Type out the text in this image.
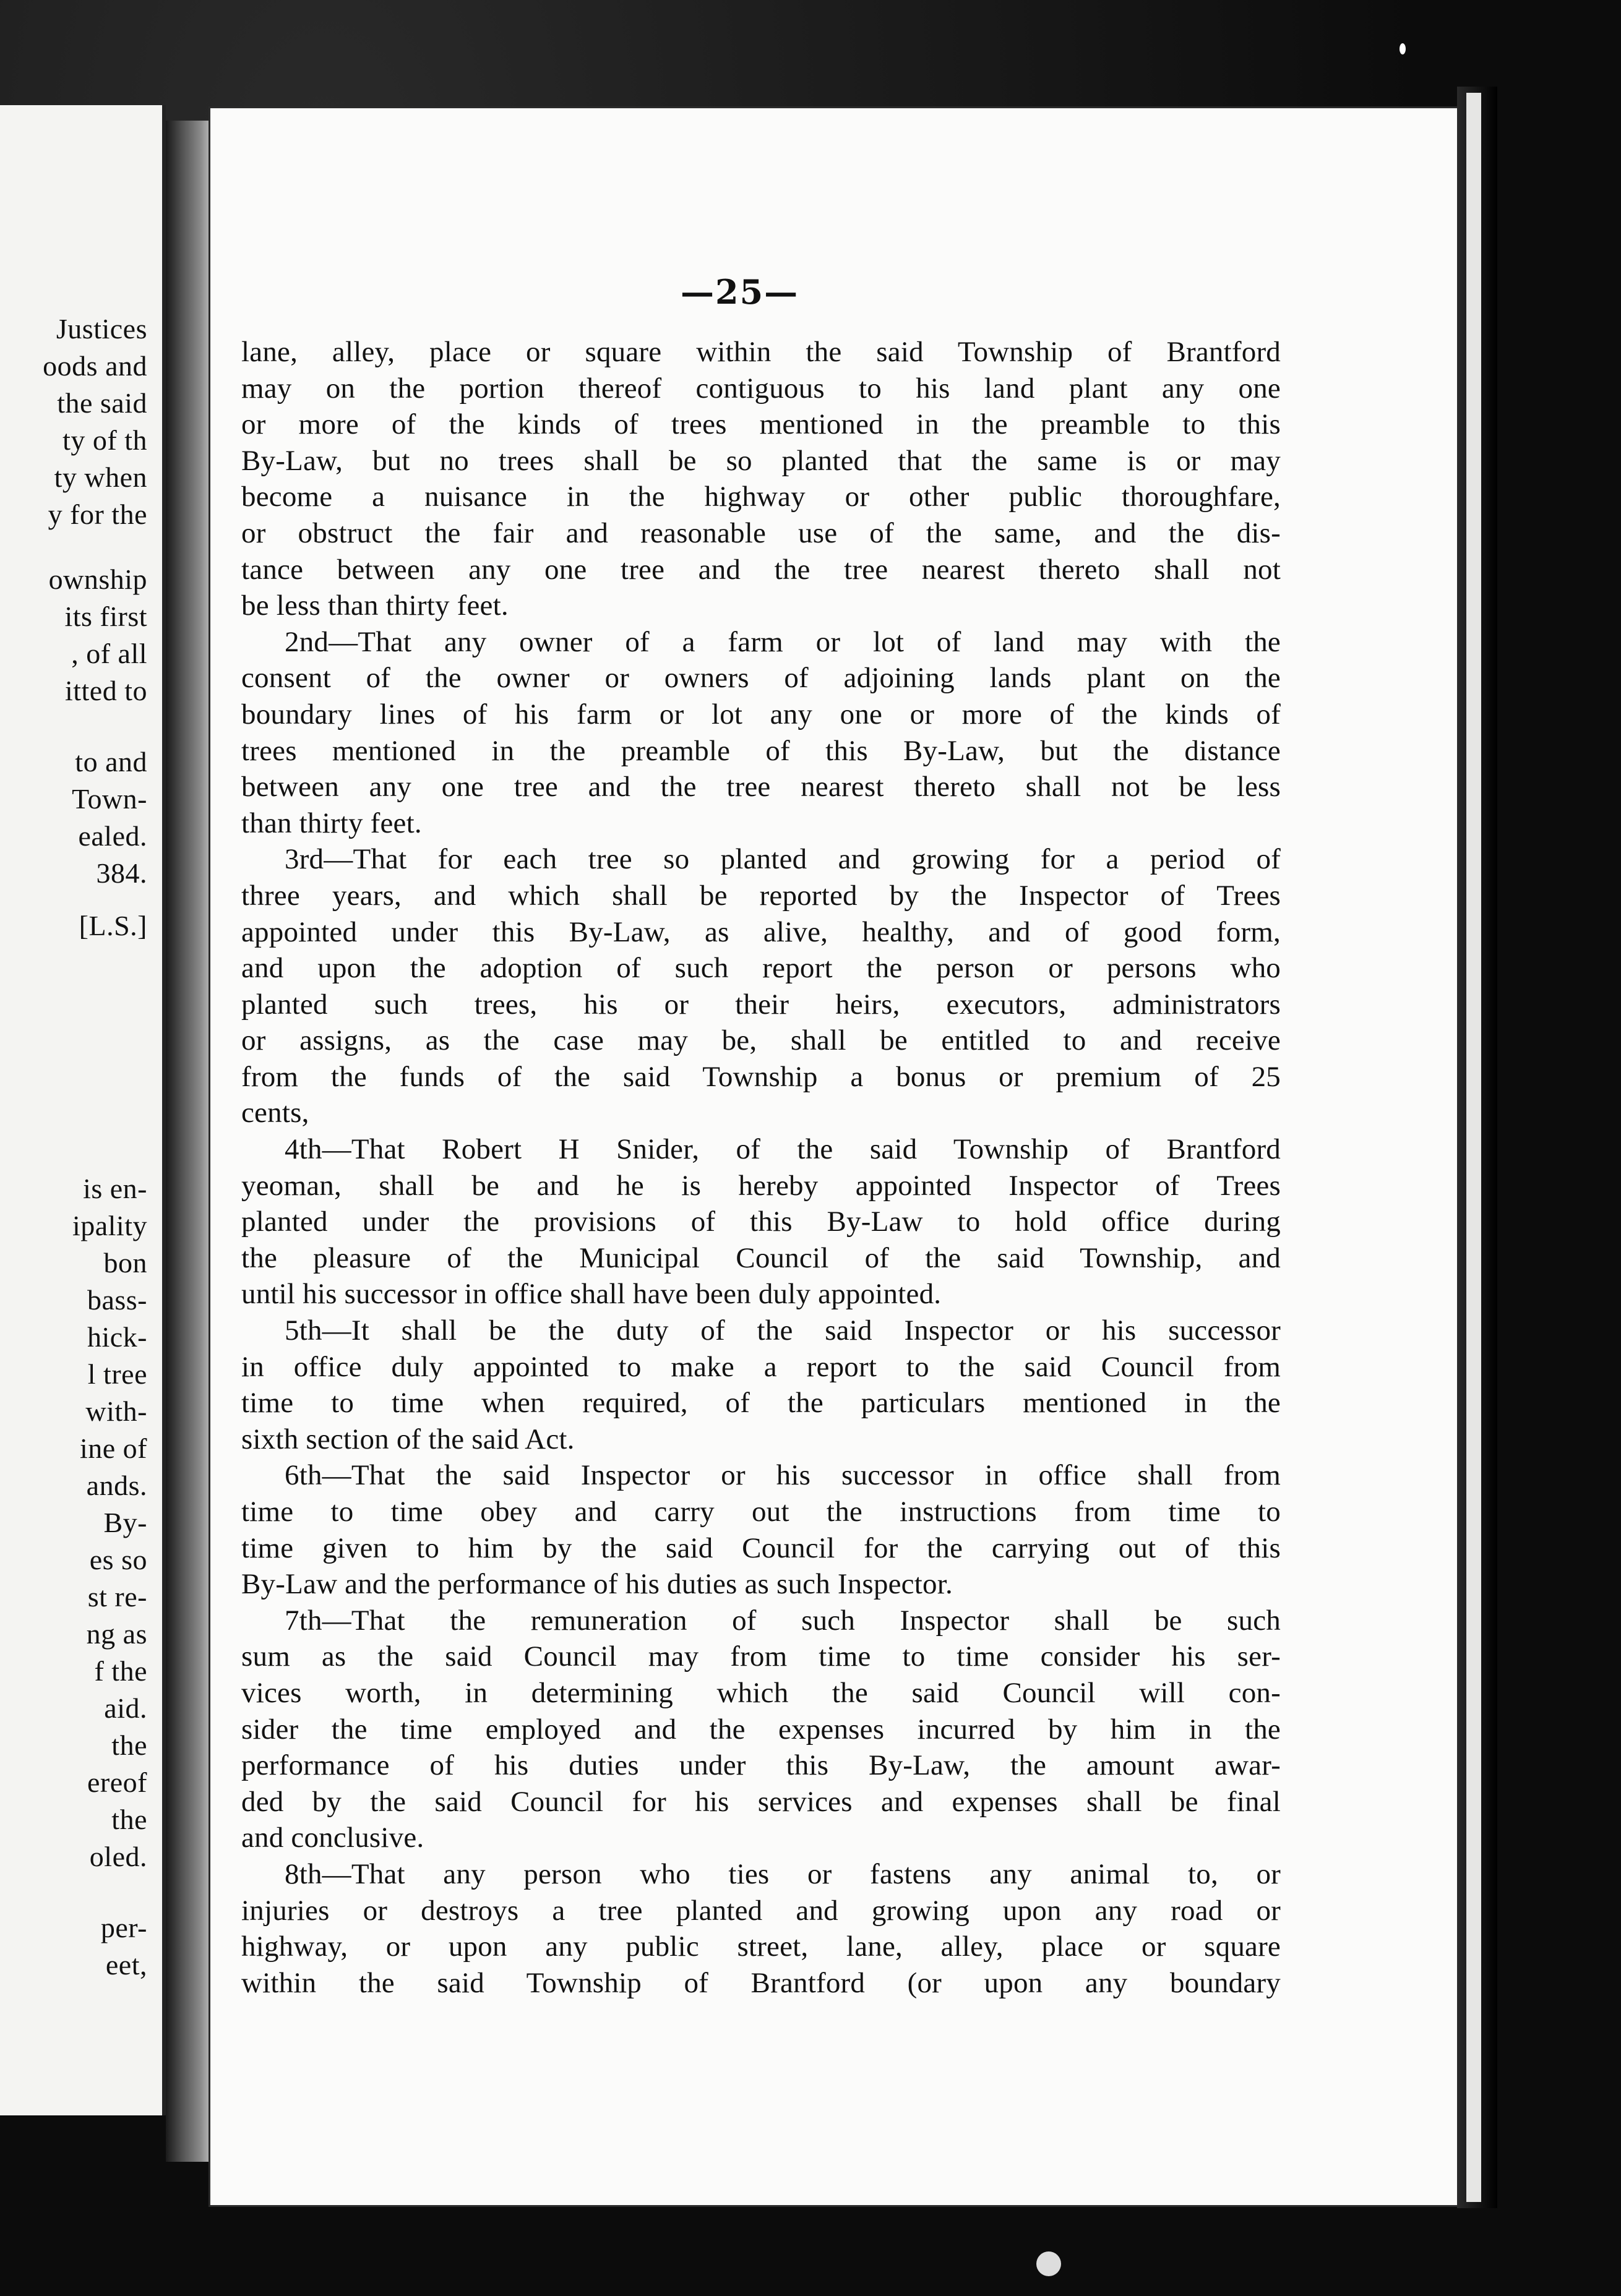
Justices
oods and
the said
ty of th
ty when
y for the
ownship
its first
, of all
itted to
to and
Town-
ealed.
384.
[L.S.]
is en-
ipality
bon
bass-
hick-
l tree
with-
ine of
ands.
By-
es so
st re-
ng as
f the
aid.
the
ereof
the
oled.
per-
eet,
—25—
lane, alley, place or square within the said Township of Brantford
may on the portion thereof contiguous to his land plant any one
or more of the kinds of trees mentioned in the preamble to this
By-Law, but no trees shall be so planted that the same is or may
become a nuisance in the highway or other public thoroughfare,
or obstruct the fair and reasonable use of the same, and the dis-
tance between any one tree and the tree nearest thereto shall not
be less than thirty feet.
2nd—That any owner of a farm or lot of land may with the
consent of the owner or owners of adjoining lands plant on the
boundary lines of his farm or lot any one or more of the kinds of
trees mentioned in the preamble of this By-Law, but the distance
between any one tree and the tree nearest thereto shall not be less
than thirty feet.
3rd—That for each tree so planted and growing for a period of
three years, and which shall be reported by the Inspector of Trees
appointed under this By-Law, as alive, healthy, and of good form,
and upon the adoption of such report the person or persons who
planted such trees, his or their heirs, executors, administrators
or assigns, as the case may be, shall be entitled to and receive
from the funds of the said Township a bonus or premium of 25
cents,
4th—That Robert H Snider, of the said Township of Brantford
yeoman, shall be and he is hereby appointed Inspector of Trees
planted under the provisions of this By-Law to hold office during
the pleasure of the Municipal Council of the said Township, and
until his successor in office shall have been duly appointed.
5th—It shall be the duty of the said Inspector or his successor
in office duly appointed to make a report to the said Council from
time to time when required, of the particulars mentioned in the
sixth section of the said Act.
6th—That the said Inspector or his successor in office shall from
time to time obey and carry out the instructions from time to
time given to him by the said Council for the carrying out of this
By-Law and the performance of his duties as such Inspector.
7th—That the remuneration of such Inspector shall be such
sum as the said Council may from time to time consider his ser-
vices worth, in determining which the said Council will con-
sider the time employed and the expenses incurred by him in the
performance of his duties under this By-Law, the amount awar-
ded by the said Council for his services and expenses shall be final
and conclusive.
8th—That any person who ties or fastens any animal to, or
injuries or destroys a tree planted and growing upon any road or
highway, or upon any public street, lane, alley, place or square
within the said Township of Brantford (or upon any boundary
